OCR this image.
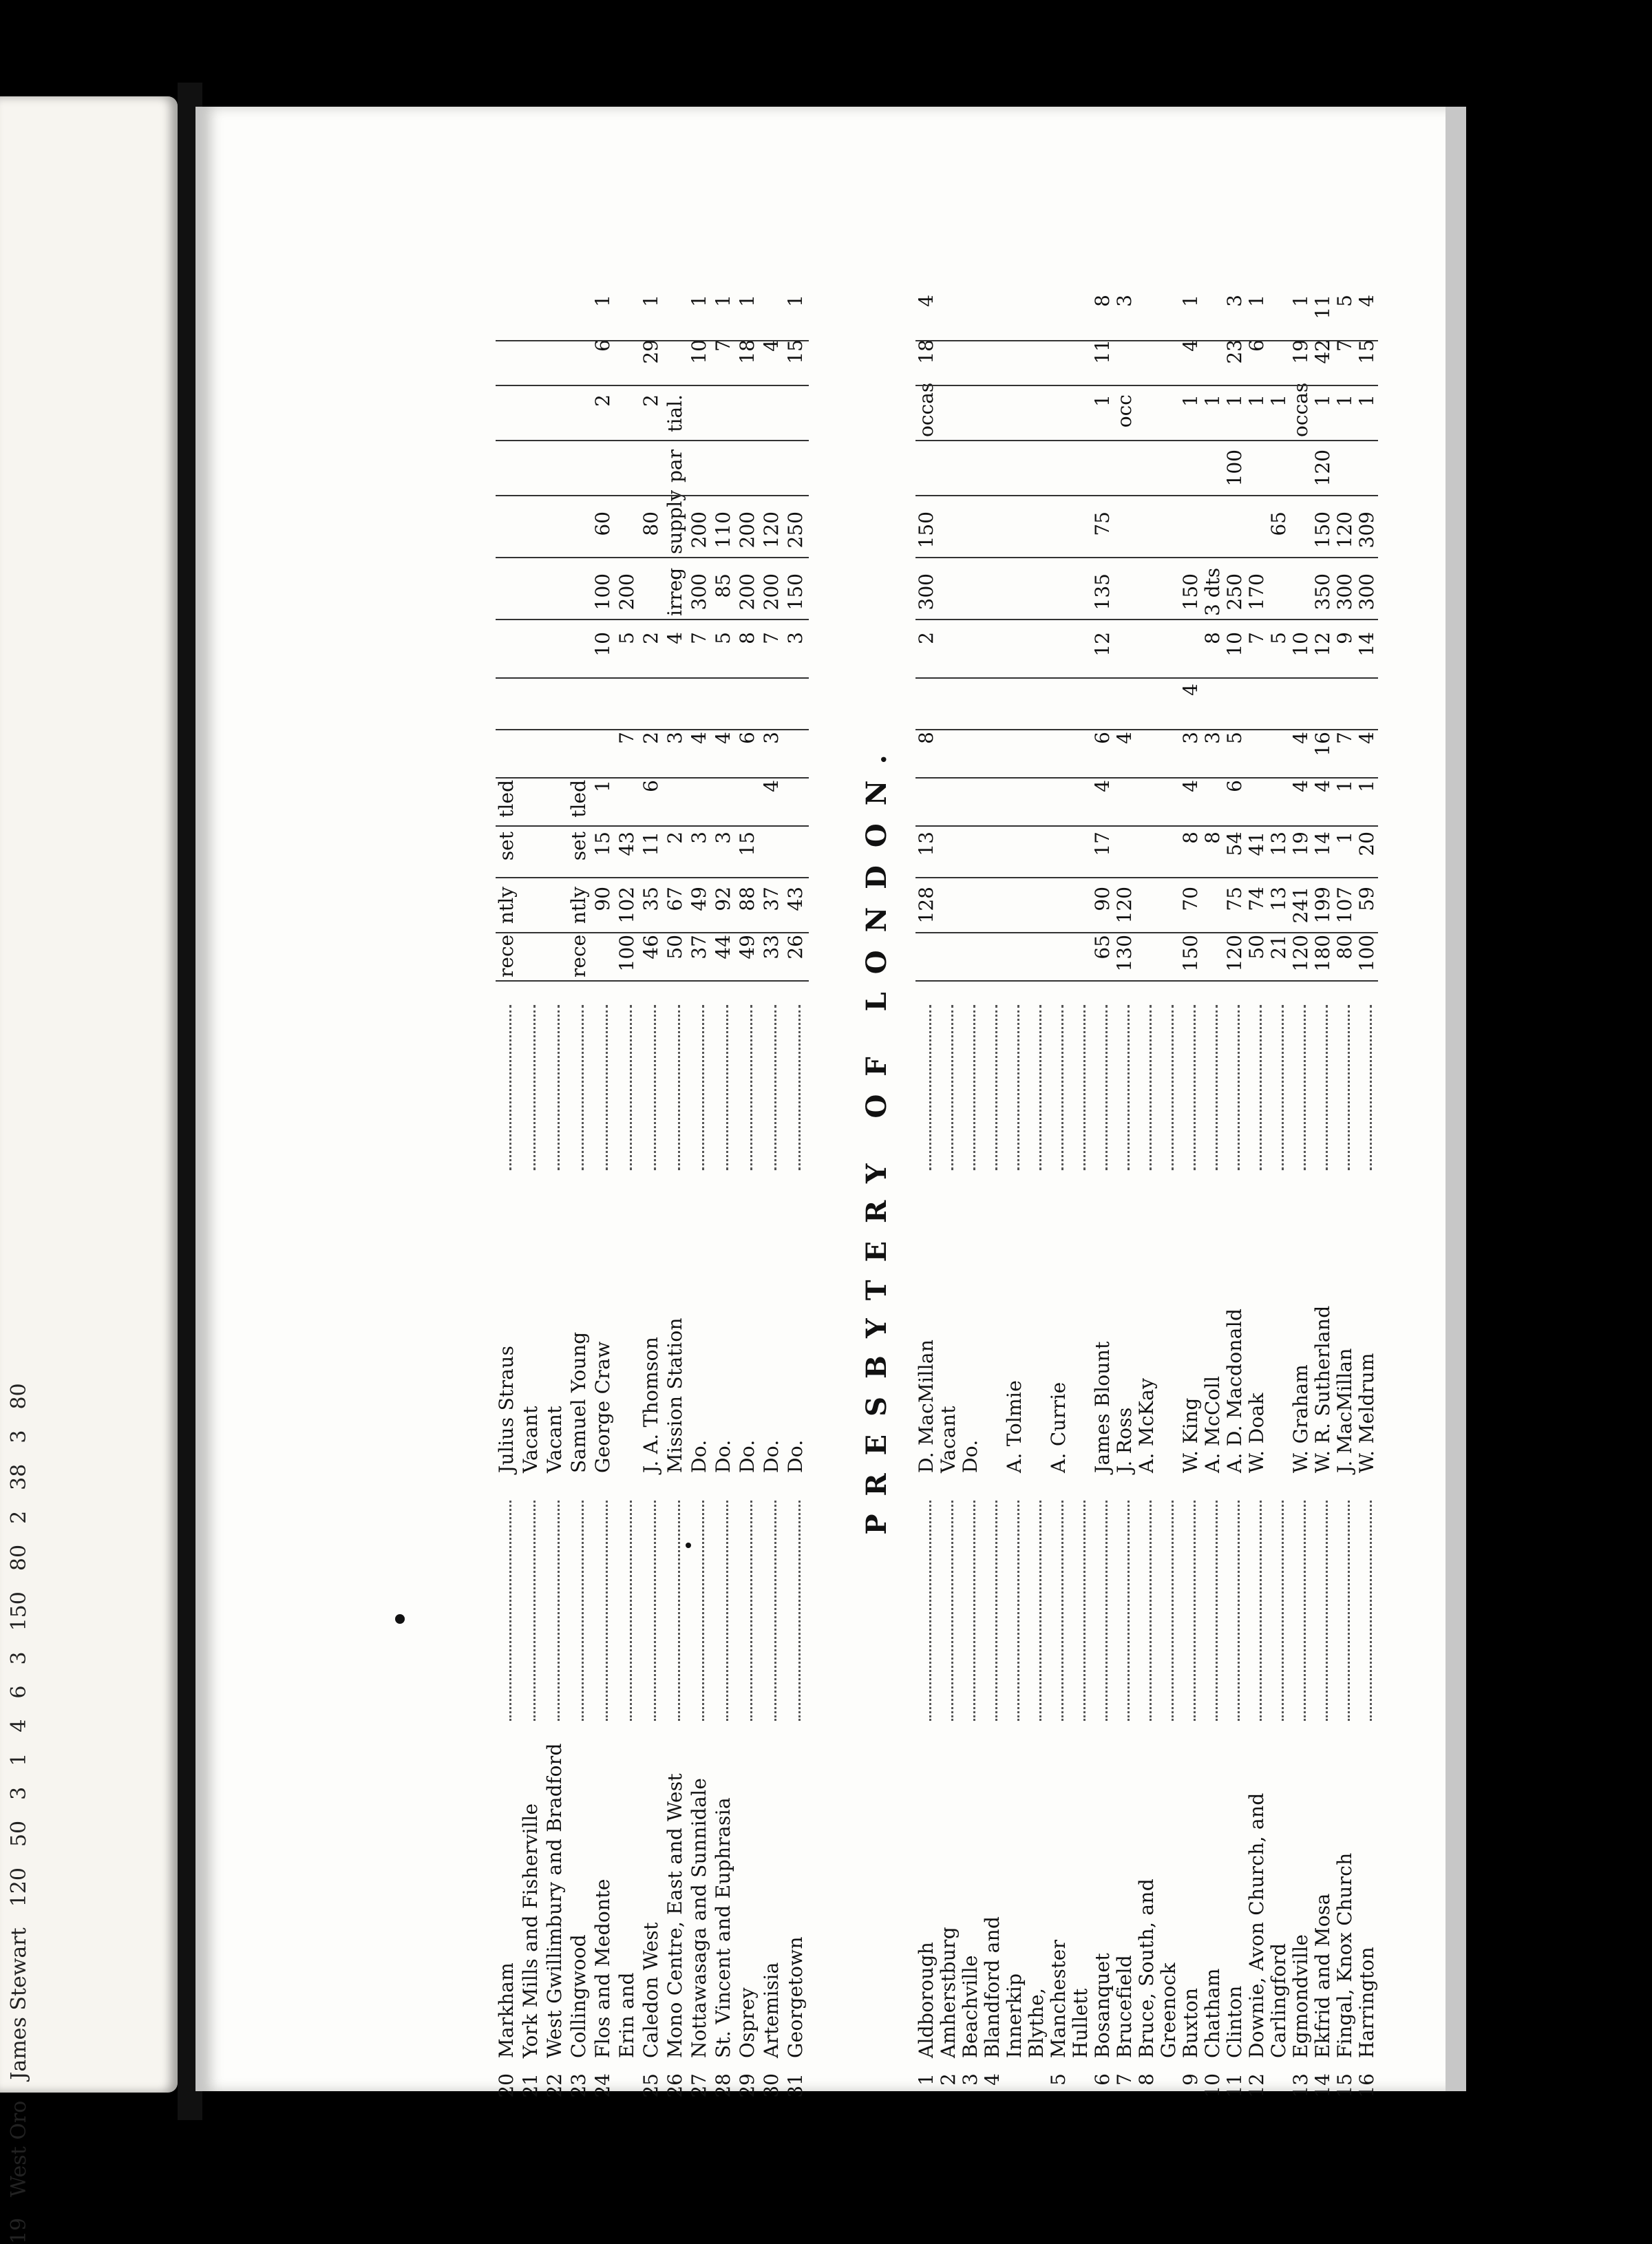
19West OroJames Stewart120503146315080238380
20
Markham
Julius Straus
rece
ntly
set
tled
21
York Mills and Fisherville
Vacant
22
West Gwillimbury and Bradford
Vacant
23
Collingwood
Samuel Young
rece
ntly
set
tled
24
Flos and Medonte
George Craw
90
15
1
10
100
60
2
6
1
Erin and
100
102
43
7
5
200
25
Caledon West
J. A. Thomson
46
35
11
6
2
2
80
2
29
1
26
Mono Centre, East and West
Mission Station
50
67
2
3
4
irreg
supply
par
tial.
27
Nottawasaga and Sunnidale
Do.
37
49
3
4
7
300
200
10
1
28
St. Vincent and Euphrasia
Do.
44
92
3
4
5
85
110
7
1
29
Osprey
Do.
49
88
15
6
8
200
200
18
1
30
Artemisia
Do.
33
37
4
3
7
200
120
4
31
Georgetown
Do.
26
43
3
150
250
15
1
PRESBYTERY OF LONDON.
1
Aldborough
D. MacMillan
128
13
8
2
300
150
occas
18
4
2
Amherstburg
Vacant
3
Beachville
Do.
4
Blandford and Innerkip
A. Tolmie
Blythe,
5
Manchester
A. Currie
Hullett
6
Bosanquet
James Blount
65
90
17
4
6
12
135
75
1
11
8
7
Brucefield
J. Ross
130
120
4
occ
3
8
Bruce, South, and
A. McKay
Greenock
9
Buxton
W. King
150
70
8
4
3
4
150
1
4
1
10
Chatham
A. McColl
8
3
8
3 dts
1
11
Clinton
A. D. Macdonald
120
75
54
6
5
10
250
100
1
23
3
12
Downie, Avon Church, and
W. Doak
50
74
41
7
170
1
6
1
Carlingford
21
13
13
5
65
1
13
Egmondville
W. Graham
120
241
19
4
4
10
occas
19
1
14
Ekfrid and Mosa
W. R. Sutherland
180
199
14
4
16
12
350
150
120
1
42
11
15
Fingal, Knox Church
J. MacMillan
80
107
1
1
7
9
300
120
1
7
5
16
Harrington
W. Meldrum
100
59
20
1
4
14
300
309
1
15
4
